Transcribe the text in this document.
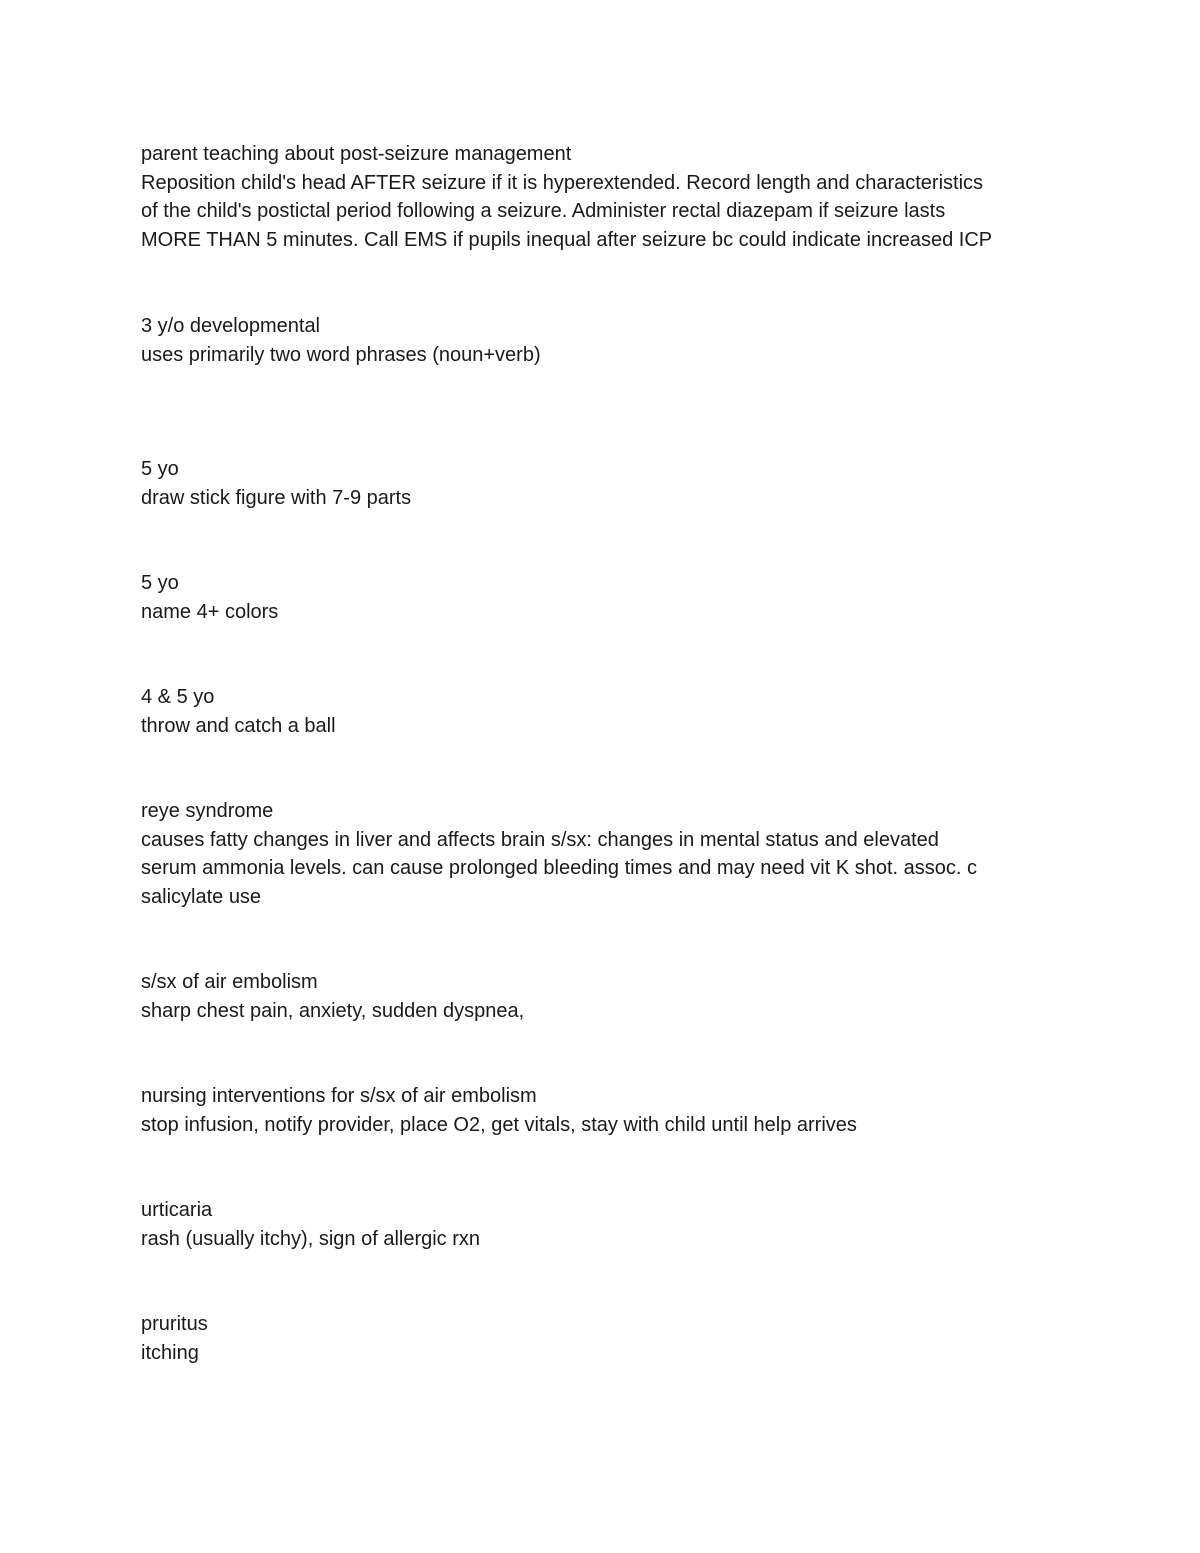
parent teaching about post-seizure management
Reposition child's head AFTER seizure if it is hyperextended. Record length and characteristics
of the child's postictal period following a seizure. Administer rectal diazepam if seizure lasts
MORE THAN 5 minutes. Call EMS if pupils inequal after seizure bc could indicate increased ICP
3 y/o developmental
uses primarily two word phrases (noun+verb)
5 yo
draw stick figure with 7-9 parts
5 yo
name 4+ colors
4 & 5 yo
throw and catch a ball
reye syndrome
causes fatty changes in liver and affects brain s/sx: changes in mental status and elevated
serum ammonia levels. can cause prolonged bleeding times and may need vit K shot. assoc. c
salicylate use
s/sx of air embolism
sharp chest pain, anxiety, sudden dyspnea,
nursing interventions for s/sx of air embolism
stop infusion, notify provider, place O2, get vitals, stay with child until help arrives
urticaria
rash (usually itchy), sign of allergic rxn
pruritus
itching
